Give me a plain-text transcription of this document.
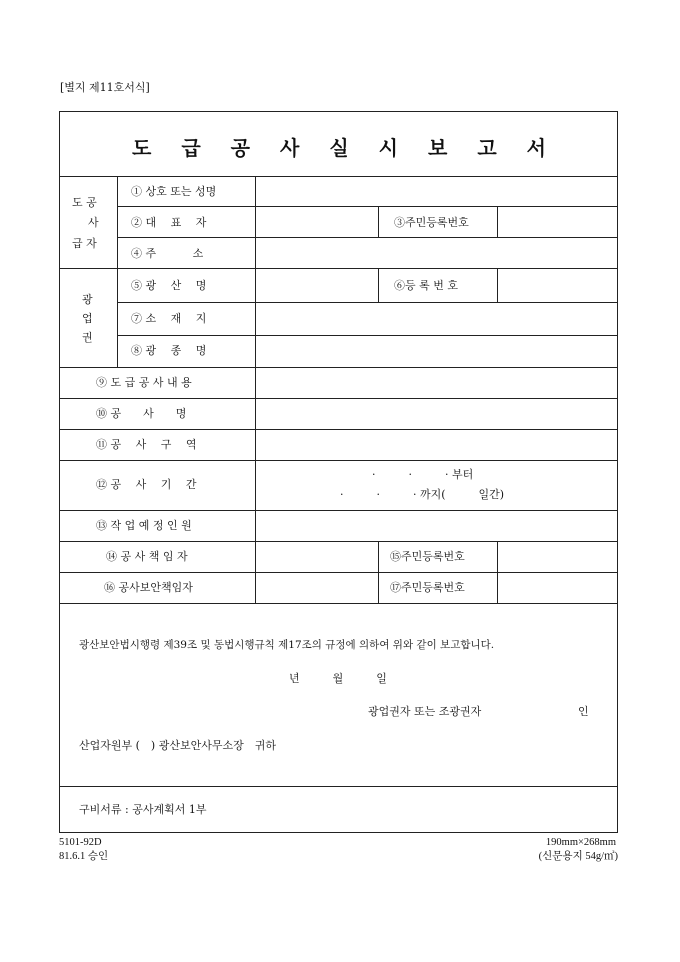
[별지 제11호서식]
도 급 공 사 실 시 보 고 서
도 공
사
급 자
① 상호 또는 성명
② 대　 표　 자	③주민등록번호
④ 주　　　 소
광
업
권
⑤ 광　 산　 명	⑥등 록 번 호
⑦ 소　 재　 지
⑧ 광　 종　 명
⑨ 도 급 공 사 내 용
⑩ 공　　사　　명
⑪ 공　 사　 구　 역
⑫ 공　 사　 기　 간
·　　　·　　　· 부터
·　　　·　　　· 까지(　　　일간)
⑬ 작 업 예 정 인 원
⑭ 공 사 책 임 자	⑮주민등록번호
⑯ 공사보안책임자	⑰주민등록번호
광산보안법시행령 제39조 및 동법시행규칙 제17조의 규정에 의하여 위와 같이 보고합니다.
년　　　월　　　일
광업권자 또는 조광권자	인
산업자원부 (　) 광산보안사무소장　귀하
구비서류 : 공사계획서 1부
5101-92D
81.6.1 승인
190mm×268mm
(신문용지 54g/㎡)
